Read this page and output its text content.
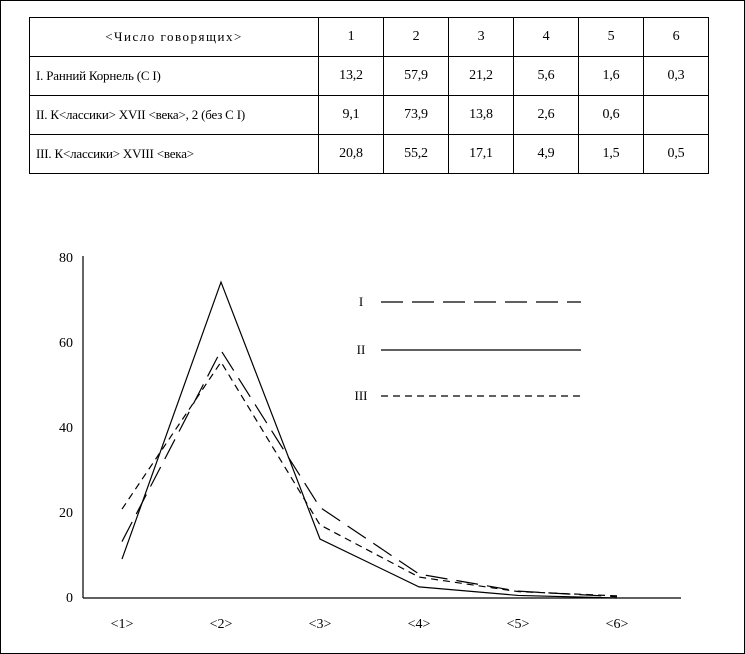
<Число говорящих>	1	2	3	4	5	6
I. Ранний Корнель (C I)	13,2	57,9	21,2	5,6	1,6	0,3
II. К<лассики> XVII <века>, 2 (без C I)	9,1	73,9	13,8	2,6	0,6	
III. К<лассики> XVIII <века>	20,8	55,2	17,1	4,9	1,5	0,5
0
20
40
60
80
<1>	<2>	<3>	<4>	<5>	<6>
I
II
III
